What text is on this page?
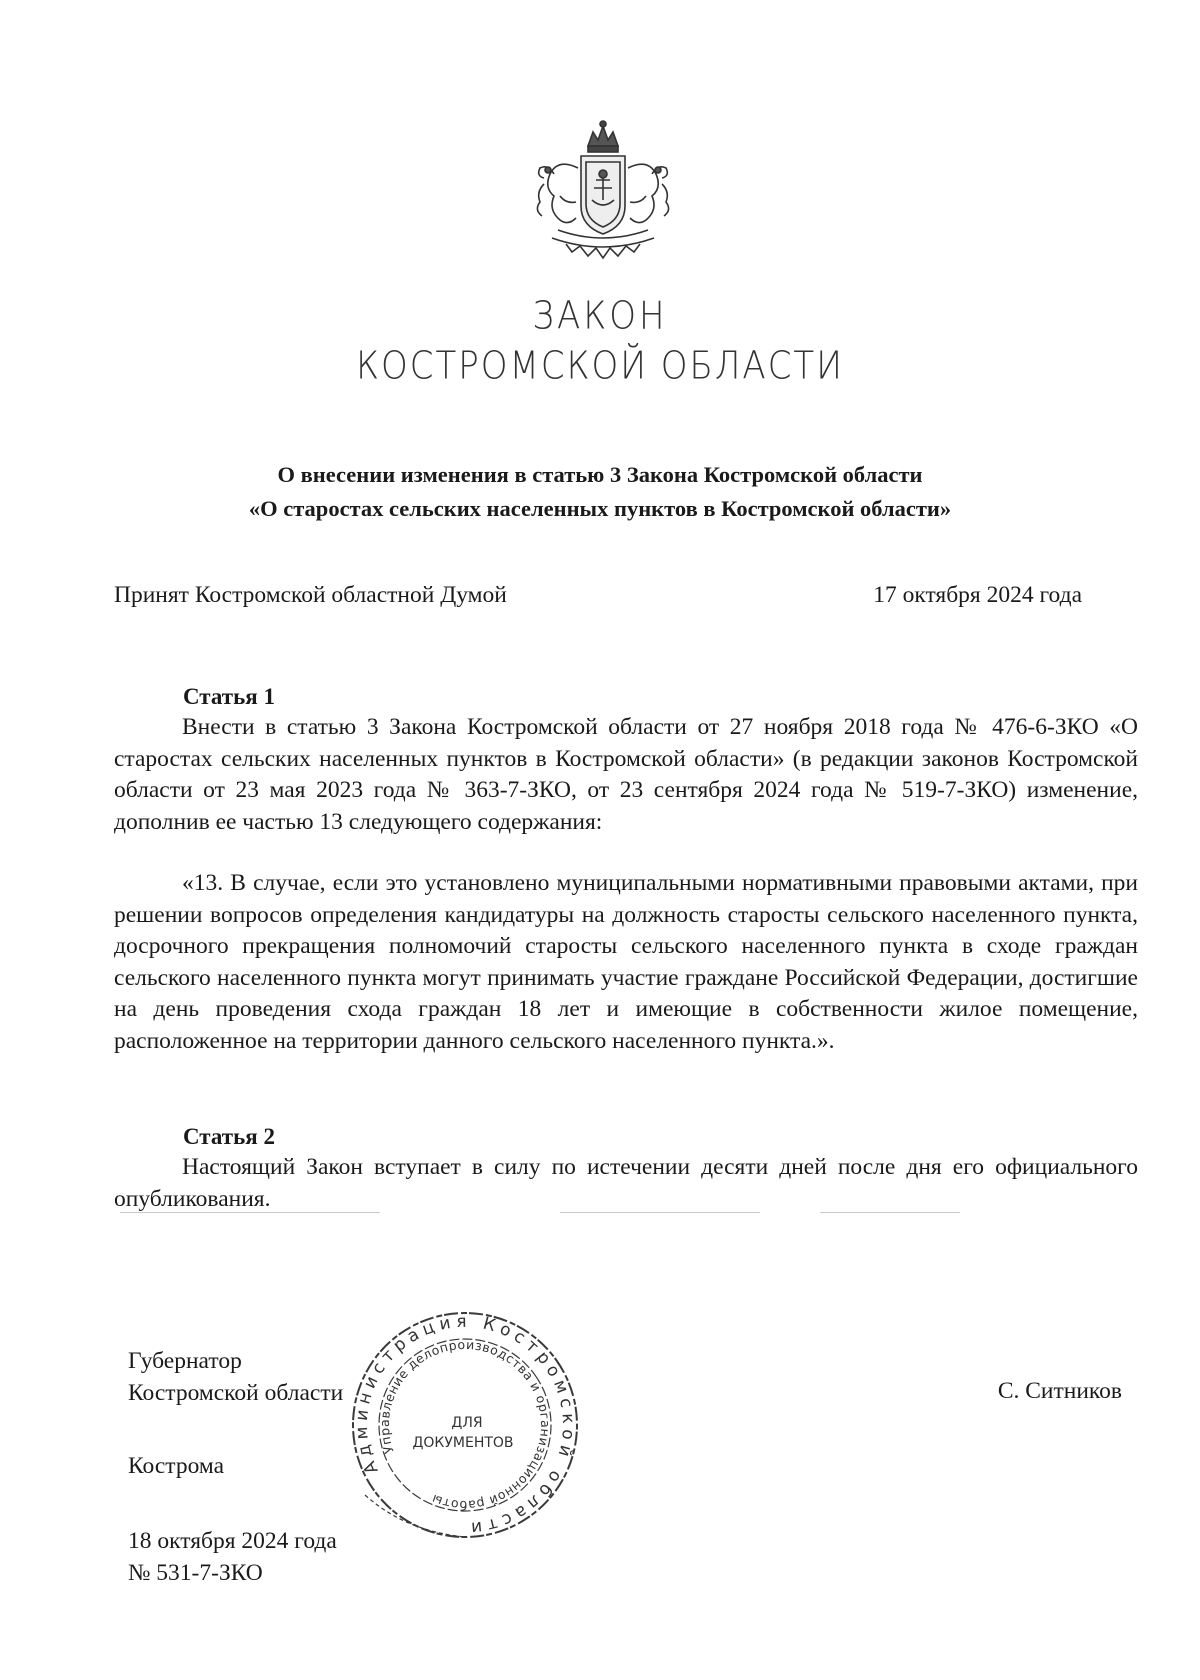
ЗАКОН
КОСТРОМСКОЙ ОБЛАСТИ
О внесении изменения в статью 3 Закона Костромской области
«О старостах сельских населенных пунктов в Костромской области»
Принят Костромской областной Думой	17 октября 2024 года
Статья 1

Внести в статью 3 Закона Костромской области от 27 ноября 2018 года № 476-6-ЗКО «О старостах сельских населенных пунктов в Костромской области» (в редакции законов Костромской области от 23 мая 2023 года № 363-7-ЗКО, от 23 сентября 2024 года № 519-7-ЗКО) изменение, дополнив ее частью 13 следующего содержания:

«13. В случае, если это установлено муниципальными нормативными правовыми актами, при решении вопросов определения кандидатуры на должность старосты сельского населенного пункта, досрочного прекращения полномочий старосты сельского населенного пункта в сходе граждан сельского населенного пункта могут принимать участие граждане Российской Федерации, достигшие на день проведения схода граждан 18 лет и имеющие в собственности жилое помещение, расположенное на территории данного сельского населенного пункта.».

Статья 2

Настоящий Закон вступает в силу по истечении десяти дней после дня его официального опубликования.

Губернатор
Костромской области
Кострома
18 октября 2024 года
№ 531-7-ЗКО
С. Ситников
Администрация Костромской области
Управление делопроизводства и организационной работы
ДЛЯ
ДОКУМЕНТОВ
